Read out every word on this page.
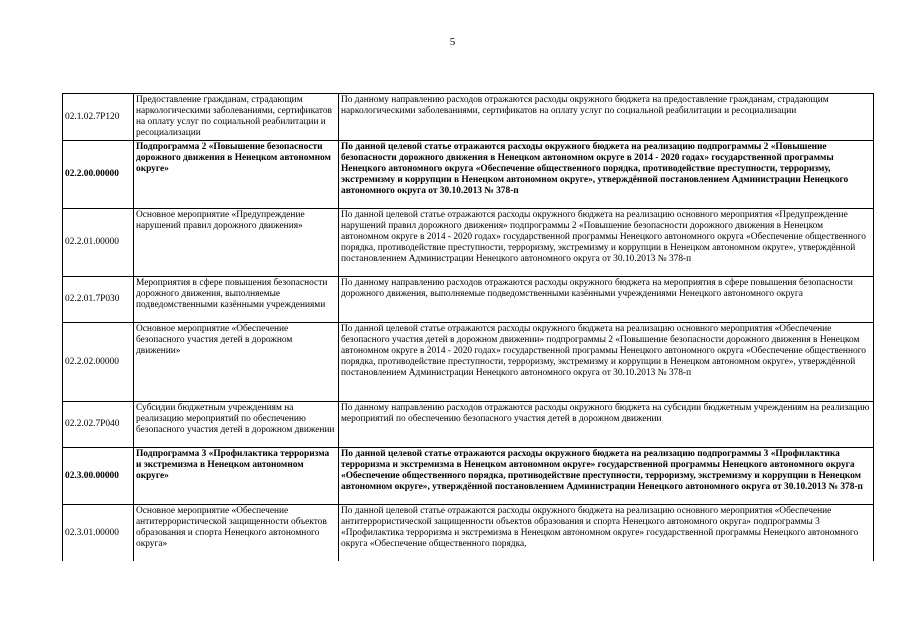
5
02.1.02.7Р120	Предоставление гражданам, страдающим наркологическими заболеваниями, сертификатов на оплату услуг по социальной реабилитации и ресоциализации	По данному направлению расходов отражаются расходы окружного бюджета на предоставление гражданам, страдающим наркологическими заболеваниями, сертификатов на оплату услуг по социальной реабилитации и ресоциализации
02.2.00.00000	Подпрограмма 2 «Повышение безопасности дорожного движения в Ненецком автономном округе»	По данной целевой статье отражаются расходы окружного бюджета на реализацию подпрограммы 2 «Повышение безопасности дорожного движения в Ненецком автономном округе в 2014 - 2020 годах» государственной программы Ненецкого автономного округа «Обеспечение общественного порядка, противодействие преступности, терроризму, экстремизму и коррупции в Ненецком автономном округе», утверждённой постановлением Администрации Ненецкого автономного округа от 30.10.2013 № 378-п
02.2.01.00000	Основное мероприятие «Предупреждение нарушений правил дорожного движения»	По данной целевой статье отражаются расходы окружного бюджета на реализацию основного мероприятия «Предупреждение нарушений правил дорожного движения» подпрограммы 2 «Повышение безопасности дорожного движения в Ненецком автономном округе в 2014 - 2020 годах» государственной программы Ненецкого автономного округа «Обеспечение общественного порядка, противодействие преступности, терроризму, экстремизму и коррупции в Ненецком автономном округе», утверждённой постановлением Администрации Ненецкого автономного округа от 30.10.2013 № 378-п
02.2.01.7Р030	Мероприятия в сфере повышения безопасности дорожного движения, выполняемые подведомственными казёнными учреждениями	По данному направлению расходов отражаются расходы окружного бюджета на мероприятия в сфере повышения безопасности дорожного движения, выполняемые подведомственными казёнными учреждениями Ненецкого автономного округа
02.2.02.00000	Основное мероприятие «Обеспечение безопасного участия детей в дорожном движении»	По данной целевой статье отражаются расходы окружного бюджета на реализацию основного мероприятия «Обеспечение безопасного участия детей в дорожном движении» подпрограммы 2 «Повышение безопасности дорожного движения в Ненецком автономном округе в 2014 - 2020 годах» государственной программы Ненецкого автономного округа «Обеспечение общественного порядка, противодействие преступности, терроризму, экстремизму и коррупции в Ненецком автономном округе», утверждённой постановлением Администрации Ненецкого автономного округа от 30.10.2013 № 378-п
02.2.02.7Р040	Субсидии бюджетным учреждениям на реализацию мероприятий по обеспечению безопасного участия детей в дорожном движении	По данному направлению расходов отражаются расходы окружного бюджета на субсидии бюджетным учреждениям на реализацию мероприятий по обеспечению безопасного участия детей в дорожном движении
02.3.00.00000	Подпрограмма 3 «Профилактика терроризма и экстремизма в Ненецком автономном округе»	По данной целевой статье отражаются расходы окружного бюджета на реализацию подпрограммы 3 «Профилактика терроризма и экстремизма в Ненецком автономном округе» государственной программы Ненецкого автономного округа «Обеспечение общественного порядка, противодействие преступности, терроризму, экстремизму и коррупции в Ненецком автономном округе», утверждённой постановлением Администрации Ненецкого автономного округа от 30.10.2013 № 378-п
02.3.01.00000	Основное мероприятие «Обеспечение антитеррористической защищенности объектов образования и спорта Ненецкого автономного округа»	По данной целевой статье отражаются расходы окружного бюджета на реализацию основного мероприятия «Обеспечение антитеррористической защищенности объектов образования и спорта Ненецкого автономного округа» подпрограммы 3 «Профилактика терроризма и экстремизма в Ненецком автономном округе» государственной программы Ненецкого автономного округа «Обеспечение общественного порядка,
